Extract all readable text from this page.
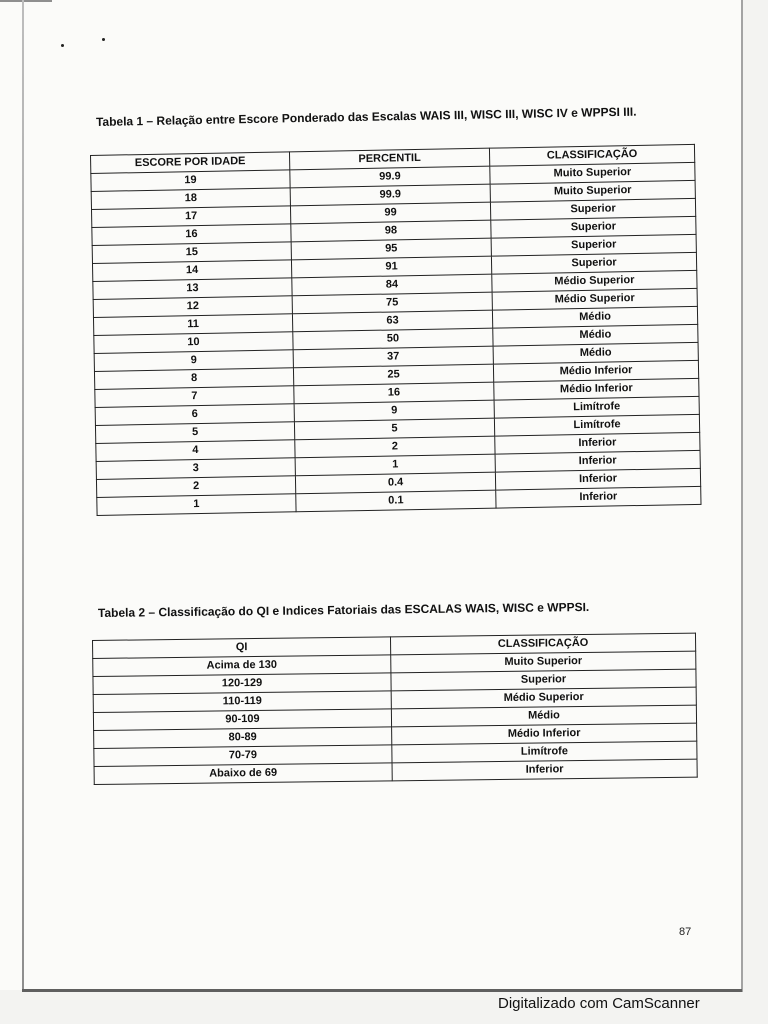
Tabela 1 – Relação entre Escore Ponderado das Escalas WAIS III, WISC III, WISC IV e WPPSI III.
ESCORE POR IDADE	PERCENTIL	CLASSIFICAÇÃO
19	99.9	Muito Superior
18	99.9	Muito Superior
17	99	Superior
16	98	Superior
15	95	Superior
14	91	Superior
13	84	Médio Superior
12	75	Médio Superior
11	63	Médio
10	50	Médio
9	37	Médio
8	25	Médio Inferior
7	16	Médio Inferior
6	9	Limítrofe
5	5	Limítrofe
4	2	Inferior
3	1	Inferior
2	0.4	Inferior
1	0.1	Inferior
Tabela 2 – Classificação do QI e Indices Fatoriais das ESCALAS WAIS, WISC e WPPSI.
QI	CLASSIFICAÇÃO
Acima de 130	Muito Superior
120-129	Superior
110-119	Médio Superior
90-109	Médio
80-89	Médio Inferior
70-79	Limítrofe
Abaixo de 69	Inferior
87
Digitalizado com CamScanner
